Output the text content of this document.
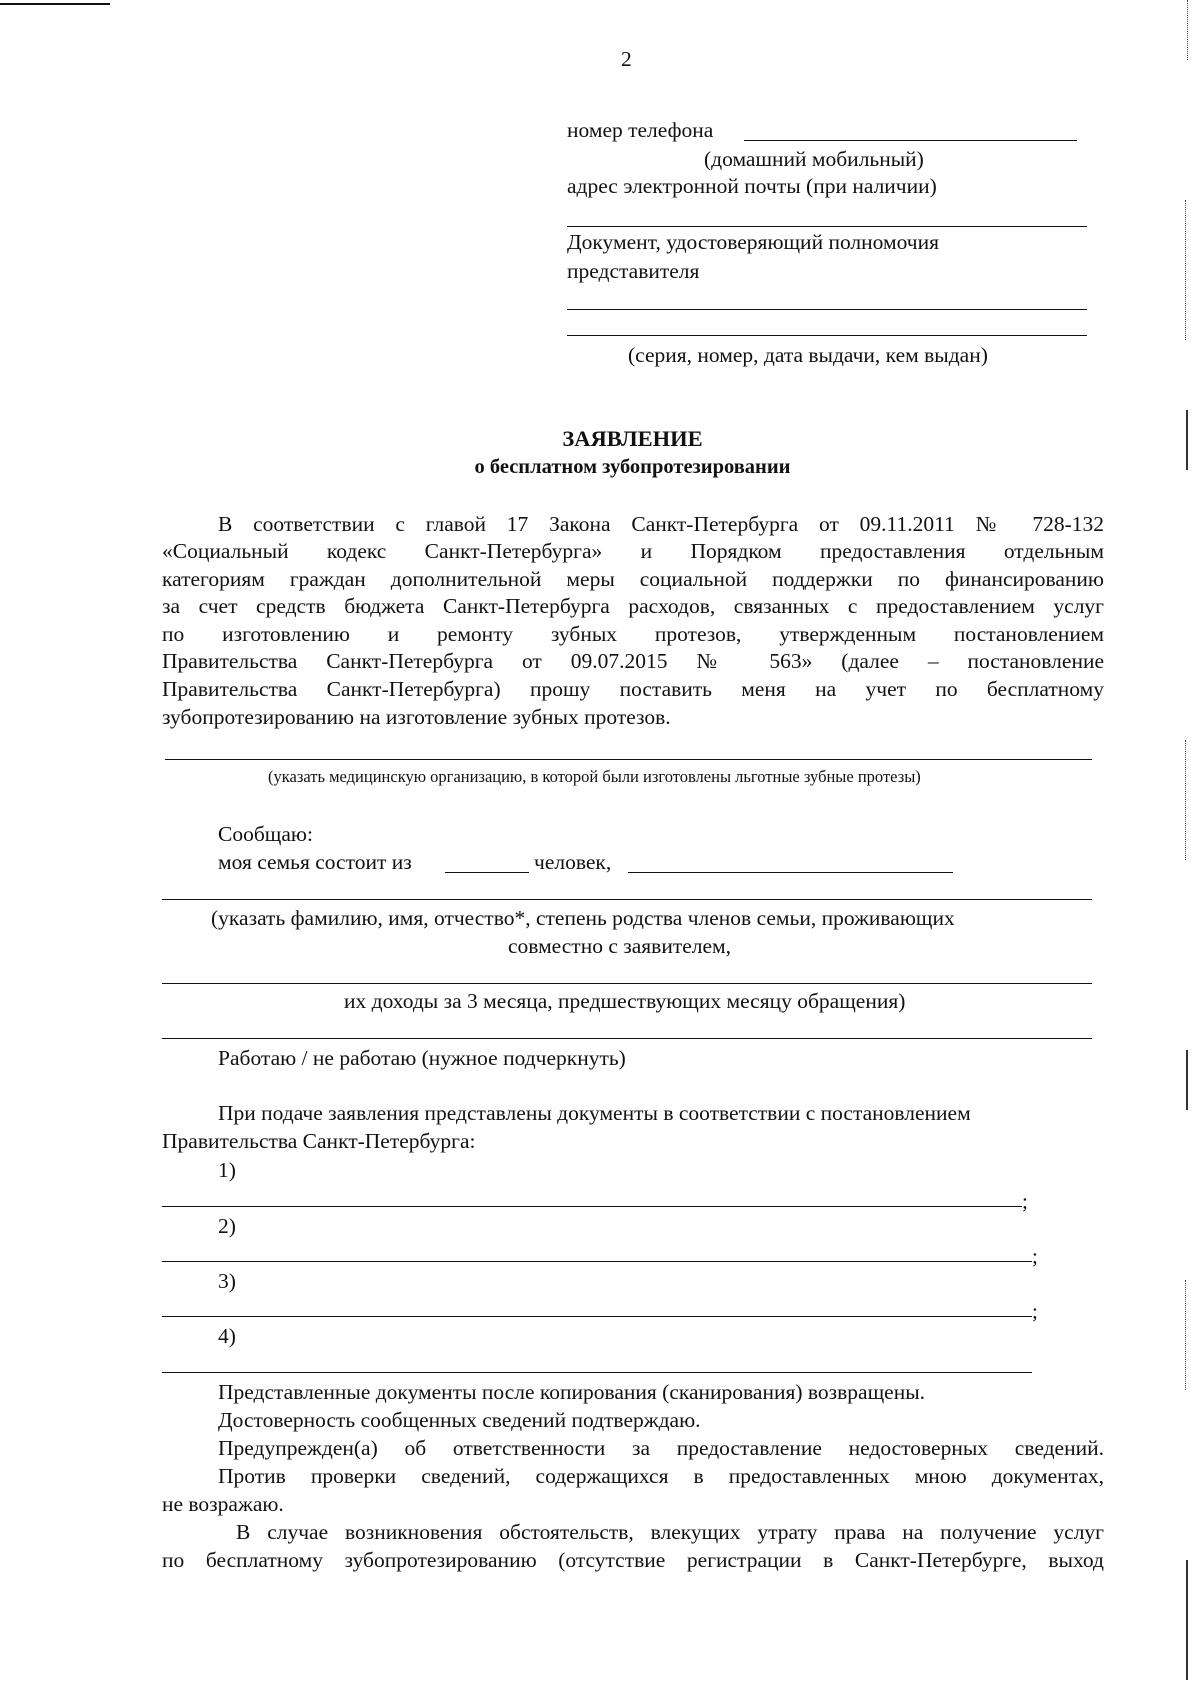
2
номер телефона
(домашний мобильный)
адрес электронной почты (при наличии)
Документ, удостоверяющий полномочия
представителя
(серия, номер, дата выдачи, кем выдан)
ЗАЯВЛЕНИЕ
о бесплатном зубопротезировании
В соответствии с главой 17 Закона Санкт-Петербурга от 09.11.2011 № 728-132
«Социальный кодекс Санкт-Петербурга» и Порядком предоставления отдельным
категориям граждан дополнительной меры социальной поддержки по финансированию
за счет средств бюджета Санкт-Петербурга расходов, связанных с предоставлением услуг
по изготовлению и ремонту зубных протезов, утвержденным постановлением
Правительства Санкт-Петербурга от 09.07.2015 № 563» (далее – постановление
Правительства Санкт-Петербурга) прошу поставить меня на учет по бесплатному
зубопротезированию на изготовление зубных протезов.
(указать медицинскую организацию, в которой были изготовлены льготные зубные протезы)
Сообщаю:
моя семья состоит из	человек,
(указать фамилию, имя, отчество*, степень родства членов семьи, проживающих
совместно с заявителем,
их доходы за 3 месяца, предшествующих месяцу обращения)
Работаю / не работаю (нужное подчеркнуть)
При подаче заявления представлены документы в соответствии с постановлением
Правительства Санкт-Петербурга:
1)
;
2)
;
3)
;
4)
Представленные документы после копирования (сканирования) возвращены.
Достоверность сообщенных сведений подтверждаю.
Предупрежден(а) об ответственности за предоставление недостоверных сведений.
Против проверки сведений, содержащихся в предоставленных мною документах,
не возражаю.
В случае возникновения обстоятельств, влекущих утрату права на получение услуг
по бесплатному зубопротезированию (отсутствие регистрации в Санкт-Петербурге, выход
